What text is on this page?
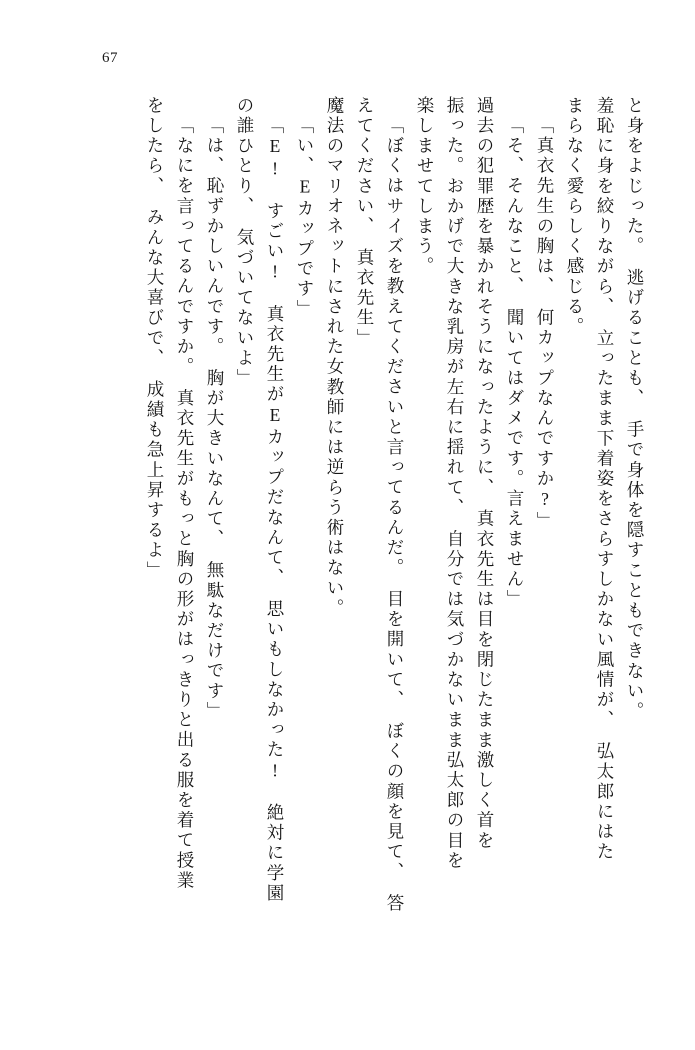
67
と身をよじった。　逃げることも、　手で身体を隠すこともできない。
羞恥に身を絞りながら、　立ったまま下着姿をさらすしかない風情が、　弘太郎にはた
まらなく愛らしく感じる。
「真衣先生の胸は、　何カップなんですか?」
「そ、そんなこと、　聞いてはダメです。言えません」
過去の犯罪歴を暴かれそうになったように、　真衣先生は目を閉じたまま激しく首を
振った。おかげで大きな乳房が左右に揺れて、　自分では気づかないまま弘太郎の目を
楽しませてしまう。
「ぼくはサイズを教えてくださいと言ってるんだ。　目を開いて、　ぼくの顔を見て、　答
えてください、　真衣先生」
魔法のマリオネットにされた女教師には逆らう術はない。
「い、Eカップです」
「E!　すごい!　真衣先生がEカップだなんて、　思いもしなかった!　絶対に学園
の誰ひとり、　気づいてないよ」
「は、恥ずかしいんです。　胸が大きいなんて、　無駄なだけです」
「なにを言ってるんですか。　真衣先生がもっと胸の形がはっきりと出る服を着て授業
をしたら、　みんな大喜びで、　成績も急上昇するよ」
